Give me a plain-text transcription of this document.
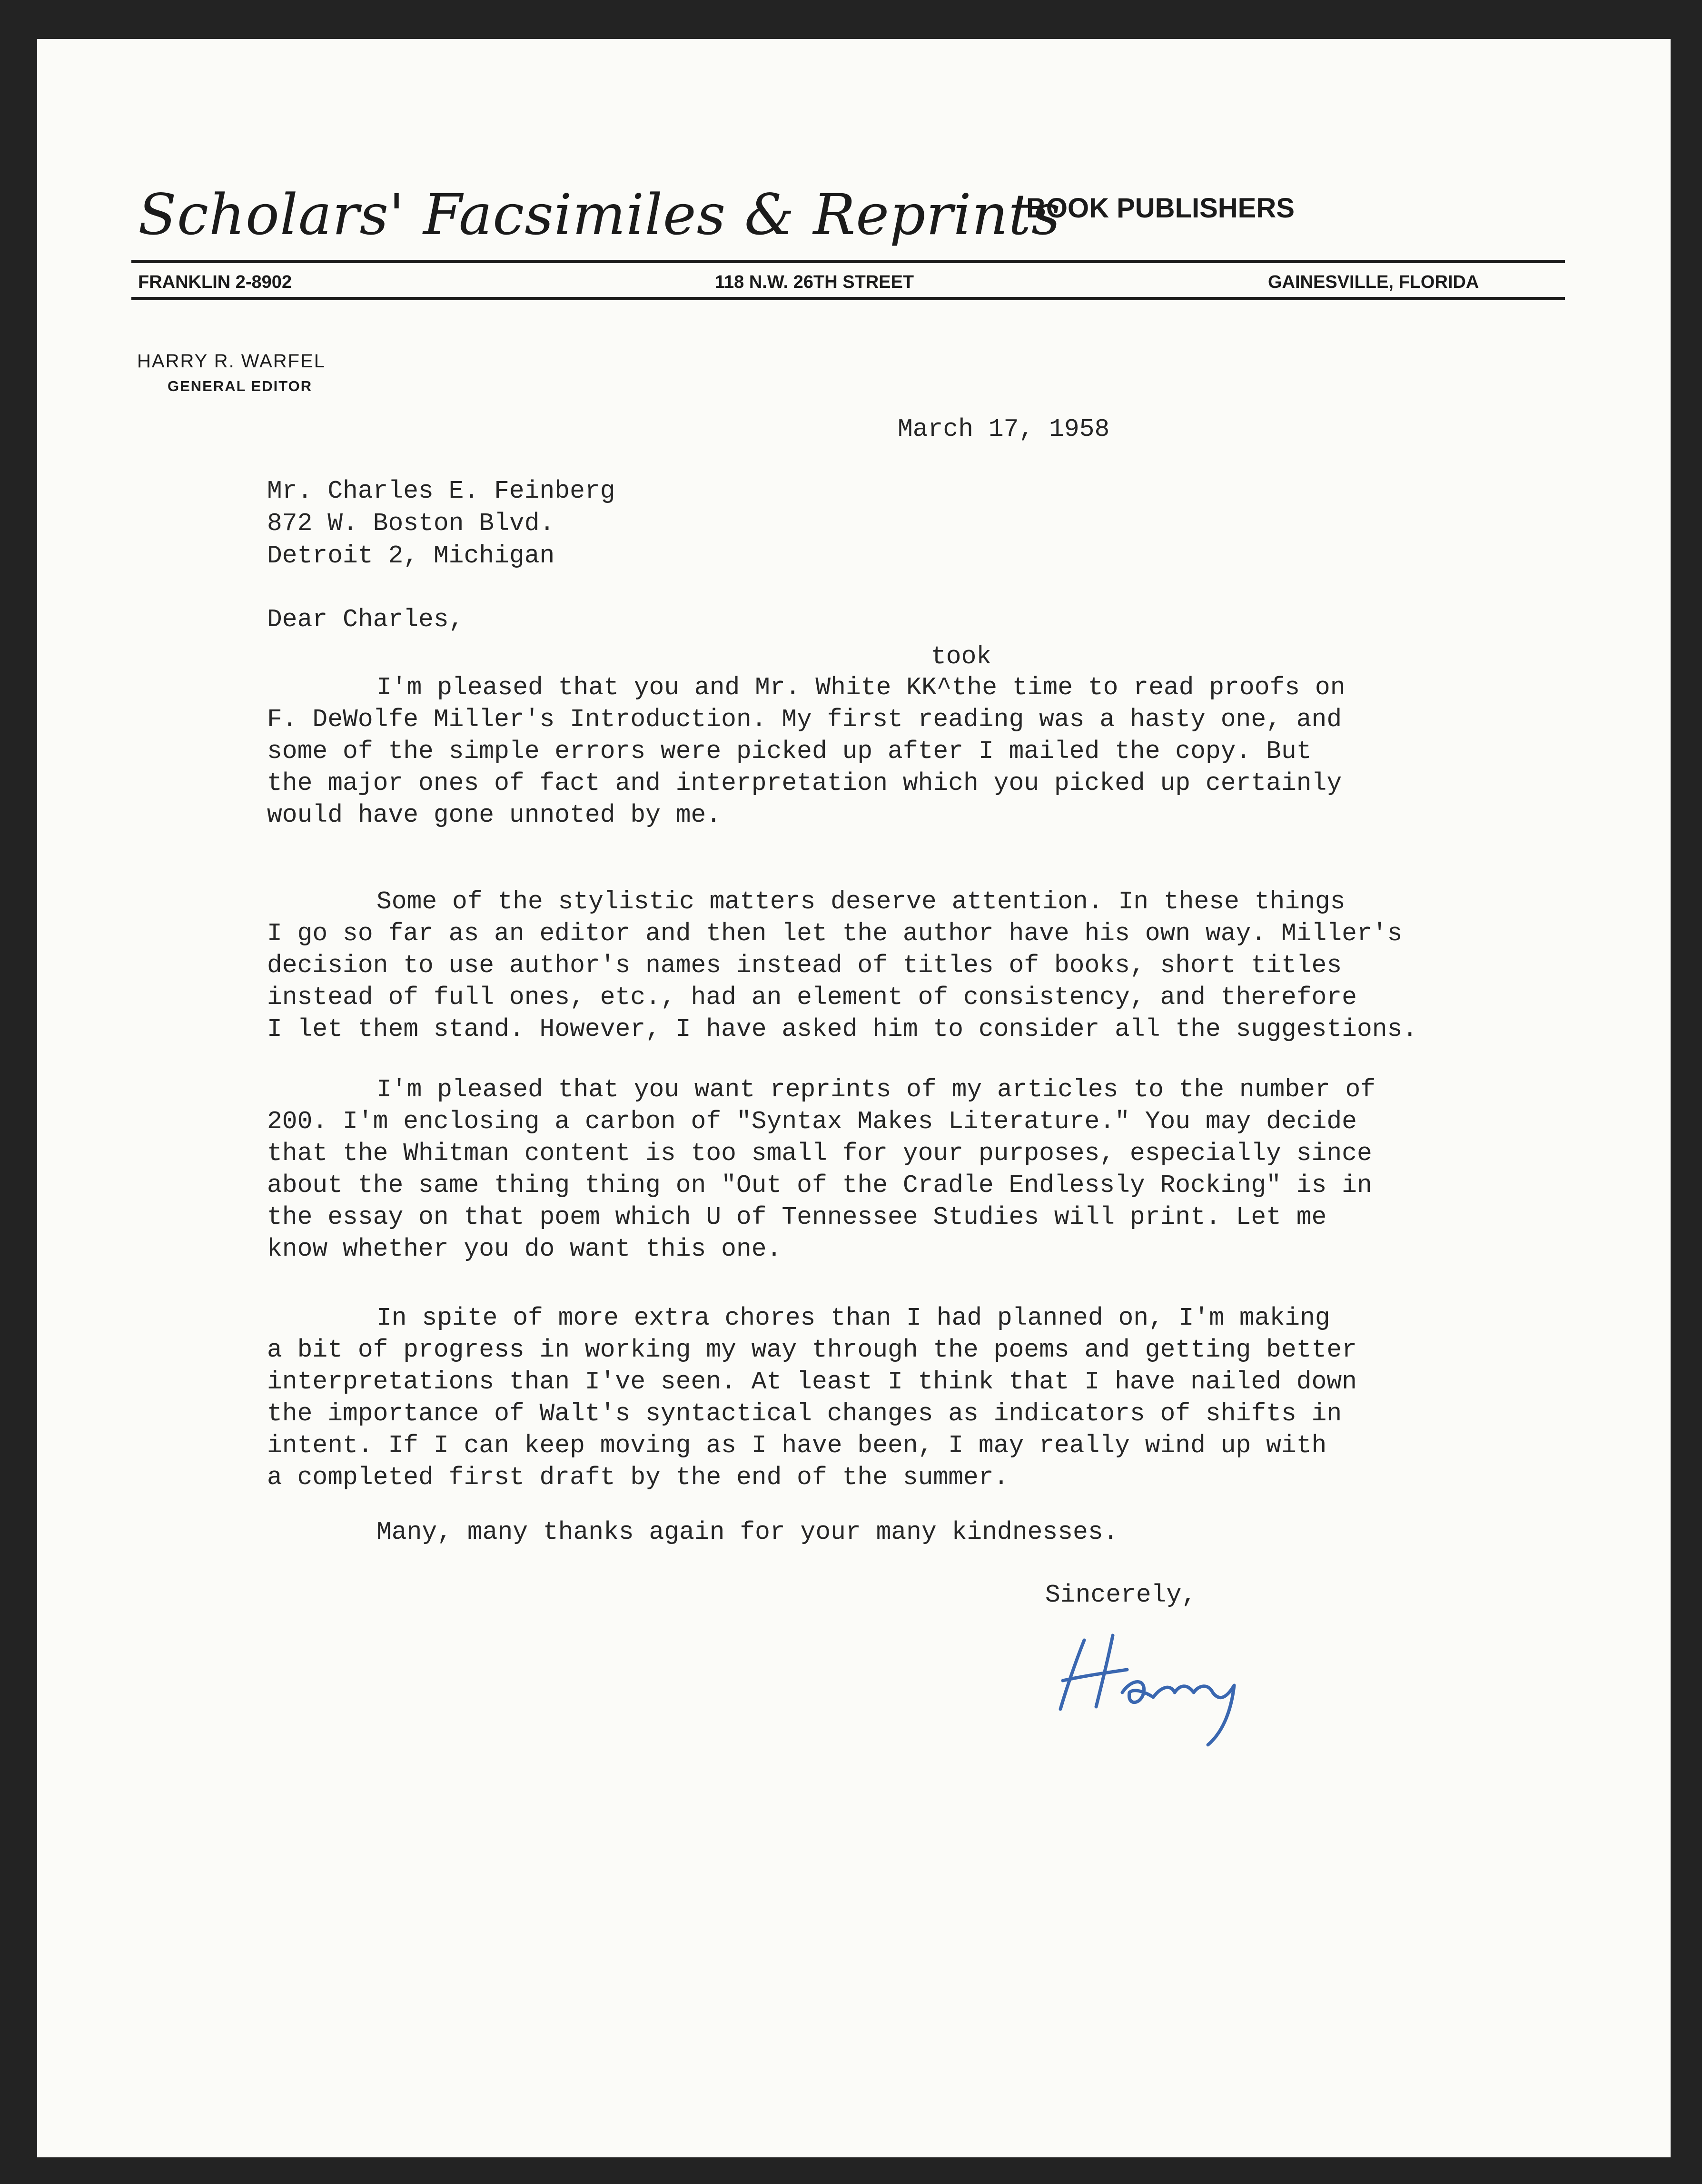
Scholars' Facsimiles & Reprints
BOOK PUBLISHERS
FRANKLIN 2-8902	118 N.W. 26TH STREET	GAINESVILLE, FLORIDA
HARRY R. WARFEL
GENERAL EDITOR
March 17, 1958
Mr. Charles E. Feinberg
872 W. Boston Blvd.
Detroit 2, Michigan
Dear Charles,
took
I'm pleased that you and Mr. White KK^the time to read proofs on
F. DeWolfe Miller's Introduction. My first reading was a hasty one, and
some of the simple errors were picked up after I mailed the copy. But
the major ones of fact and interpretation which you picked up certainly
would have gone unnoted by me.
Some of the stylistic matters deserve attention. In these things
I go so far as an editor and then let the author have his own way. Miller's
decision to use author's names instead of titles of books, short titles
instead of full ones, etc., had an element of consistency, and therefore
I let them stand. However, I have asked him to consider all the suggestions.
I'm pleased that you want reprints of my articles to the number of
200. I'm enclosing a carbon of "Syntax Makes Literature." You may decide
that the Whitman content is too small for your purposes, especially since
about the same thing thing on "Out of the Cradle Endlessly Rocking" is in
the essay on that poem which U of Tennessee Studies will print. Let me
know whether you do want this one.
In spite of more extra chores than I had planned on, I'm making
a bit of progress in working my way through the poems and getting better
interpretations than I've seen. At least I think that I have nailed down
the importance of Walt's syntactical changes as indicators of shifts in
intent. If I can keep moving as I have been, I may really wind up with
a completed first draft by the end of the summer.
Many, many thanks again for your many kindnesses.
Sincerely,
